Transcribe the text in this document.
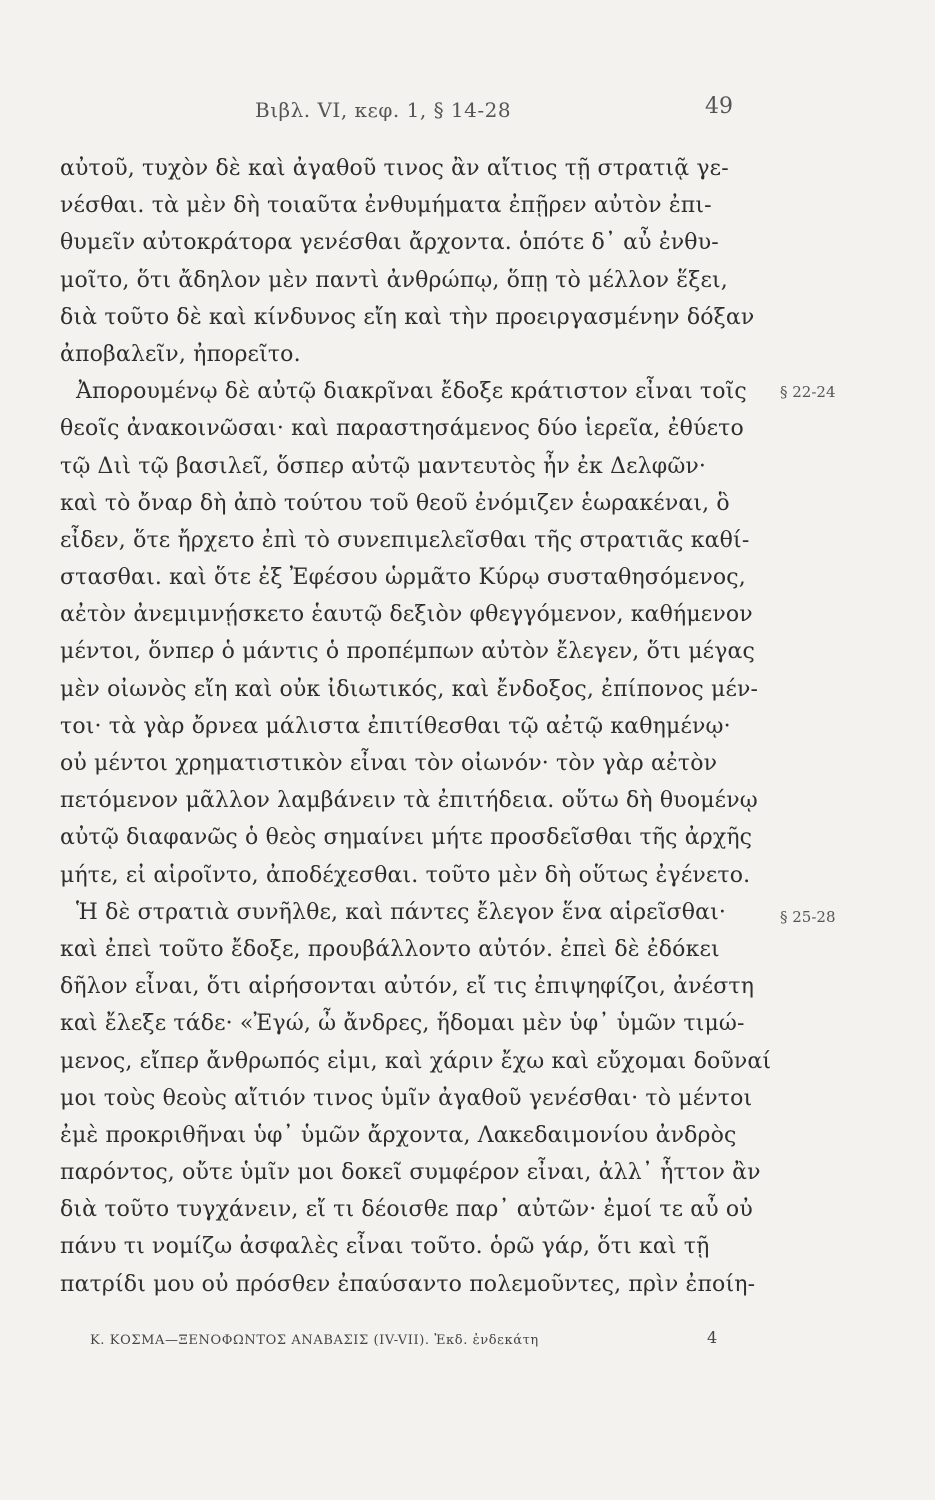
Βιβλ. VI, κεφ. 1, § 14-28	49
αὐτοῦ, τυχὸν δὲ καὶ ἀγαθοῦ τινος ἂν αἴτιος τῇ στρατιᾷ γε-
νέσθαι. τὰ μὲν δὴ τοιαῦτα ἐνθυμήματα ἐπῇρεν αὐτὸν ἐπι-
θυμεῖν αὐτοκράτορα γενέσθαι ἄρχοντα. ὁπότε δ᾽ αὖ ἐνθυ-
μοῖτο, ὅτι ἄδηλον μὲν παντὶ ἀνθρώπῳ, ὅπῃ τὸ μέλλον ἕξει,
διὰ τοῦτο δὲ καὶ κίνδυνος εἴη καὶ τὴν προειργασμένην δόξαν
ἀποβαλεῖν, ἠπορεῖτο.
Ἀπορουμένῳ δὲ αὐτῷ διακρῖναι ἔδοξε κράτιστον εἶναι τοῖς
θεοῖς ἀνακοινῶσαι· καὶ παραστησάμενος δύο ἱερεῖα, ἐθύετο
τῷ Διὶ τῷ βασιλεῖ, ὅσπερ αὐτῷ μαντευτὸς ἦν ἐκ Δελφῶν·
καὶ τὸ ὄναρ δὴ ἀπὸ τούτου τοῦ θεοῦ ἐνόμιζεν ἑωρακέναι, ὃ
εἶδεν, ὅτε ἤρχετο ἐπὶ τὸ συνεπιμελεῖσθαι τῆς στρατιᾶς καθί-
στασθαι. καὶ ὅτε ἐξ Ἐφέσου ὡρμᾶτο Κύρῳ συσταθησόμενος,
αἐτὸν ἀνεμιμνῄσκετο ἑαυτῷ δεξιὸν φθεγγόμενον, καθήμενον
μέντοι, ὅνπερ ὁ μάντις ὁ προπέμπων αὐτὸν ἔλεγεν, ὅτι μέγας
μὲν οἰωνὸς εἴη καὶ οὐκ ἰδιωτικός, καὶ ἔνδοξος, ἐπίπονος μέν-
τοι· τὰ γὰρ ὄρνεα μάλιστα ἐπιτίθεσθαι τῷ αἐτῷ καθημένῳ·
οὐ μέντοι χρηματιστικὸν εἶναι τὸν οἰωνόν· τὸν γὰρ αἐτὸν
πετόμενον μᾶλλον λαμβάνειν τὰ ἐπιτήδεια. οὕτω δὴ θυομένῳ
αὐτῷ διαφανῶς ὁ θεὸς σημαίνει μήτε προσδεῖσθαι τῆς ἀρχῆς
μήτε, εἰ αἱροῖντο, ἀποδέχεσθαι. τοῦτο μὲν δὴ οὕτως ἐγένετο.
Ἡ δὲ στρατιὰ συνῆλθε, καὶ πάντες ἔλεγον ἕνα αἱρεῖσθαι·
καὶ ἐπεὶ τοῦτο ἔδοξε, προυβάλλοντο αὐτόν. ἐπεὶ δὲ ἐδόκει
δῆλον εἶναι, ὅτι αἱρήσονται αὐτόν, εἴ τις ἐπιψηφίζοι, ἀνέστη
καὶ ἔλεξε τάδε· «Ἐγώ, ὦ ἄνδρες, ἥδομαι μὲν ὑφ᾽ ὑμῶν τιμώ-
μενος, εἴπερ ἄνθρωπός εἰμι, καὶ χάριν ἔχω καὶ εὔχομαι δοῦναί
μοι τοὺς θεοὺς αἴτιόν τινος ὑμῖν ἀγαθοῦ γενέσθαι· τὸ μέντοι
ἐμὲ προκριθῆναι ὑφ᾽ ὑμῶν ἄρχοντα, Λακεδαιμονίου ἀνδρὸς
παρόντος, οὔτε ὑμῖν μοι δοκεῖ συμφέρον εἶναι, ἀλλ᾽ ἧττον ἂν
διὰ τοῦτο τυγχάνειν, εἴ τι δέοισθε παρ᾽ αὐτῶν· ἐμοί τε αὖ οὐ
πάνυ τι νομίζω ἀσφαλὲς εἶναι τοῦτο. ὁρῶ γάρ, ὅτι καὶ τῇ
πατρίδι μου οὐ πρόσθεν ἐπαύσαντο πολεμοῦντες, πρὶν ἐποίη-
§ 22-24
§ 25-28
Κ. ΚΟΣΜΑ—ΞΕΝΟΦΩΝΤΟΣ ΑΝΑΒΑΣΙΣ (IV-VII). Ἐκδ. ἐνδεκάτη	4
